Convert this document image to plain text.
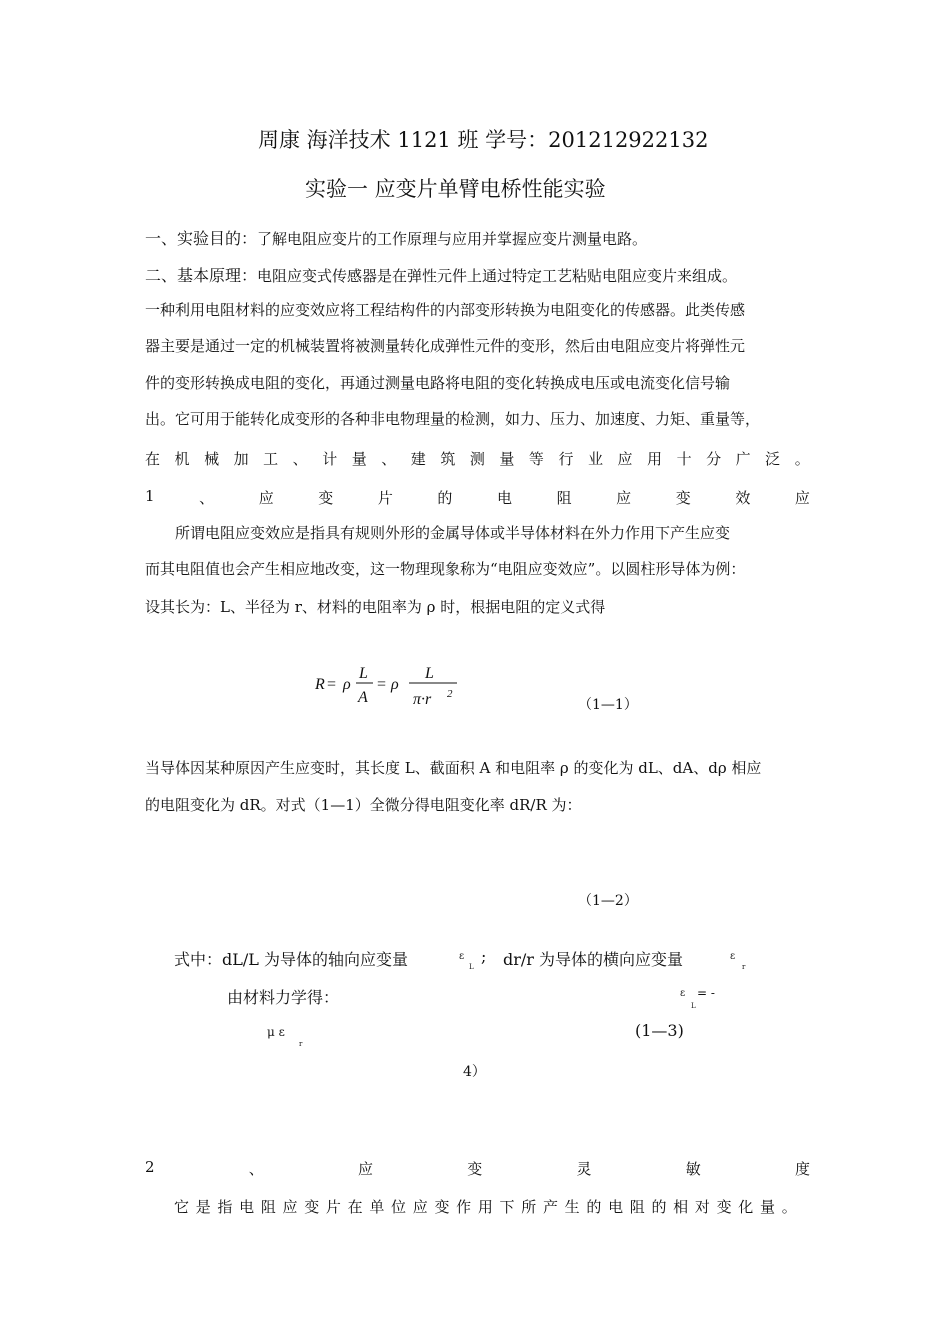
周康 海洋技术 1121 班 学号：201212922132
实验一 应变片单臂电桥性能实验
一、实验目的：了解电阻应变片的工作原理与应用并掌握应变片测量电路。
二、基本原理：电阻应变式传感器是在弹性元件上通过特定工艺粘贴电阻应变片来组成。
一种利用电阻材料的应变效应将工程结构件的内部变形转换为电阻变化的传感器。此类传感
器主要是通过一定的机械装置将被测量转化成弹性元件的变形，然后由电阻应变片将弹性元
件的变形转换成电阻的变化，再通过测量电路将电阻的变化转换成电压或电流变化信号输
出。它可用于能转化成变形的各种非电物理量的检测，如力、压力、加速度、力矩、重量等，
在 机 械 加 工 、 计 量 、 建 筑 测 量 等 行 业 应 用 十 分 广 泛 。
1	、	应	变	片	的	电	阻	应	变	效	应
所谓电阻应变效应是指具有规则外形的金属导体或半导体材料在外力作用下产生应变
而其电阻值也会产生相应地改变，这一物理现象称为“电阻应变效应”。以圆柱形导体为例：
设其长为：L、半径为 r、材料的电阻率为 ρ 时，根据电阻的定义式得
R = ρ
L
A
= ρ
L
π·r 2
（1—1）
当导体因某种原因产生应变时，其长度 L、截面积 A 和电阻率 ρ 的变化为 dL、dA、dρ 相应
的电阻变化为 dR。对式（1—1）全微分得电阻变化率 dR/R 为：
（1—2）
式中：dL/L 为导体的轴向应变量	ε
L
; dr/r 为导体的横向应变量	ε
r
由材料力学得：	ε
L
= -
μ ε
r
(1—3)
4）
2	、	应	变	灵	敏	度
它 是 指 电 阻 应 变 片 在 单 位 应 变 作 用 下 所 产 生 的 电 阻 的 相 对 变 化 量 。
